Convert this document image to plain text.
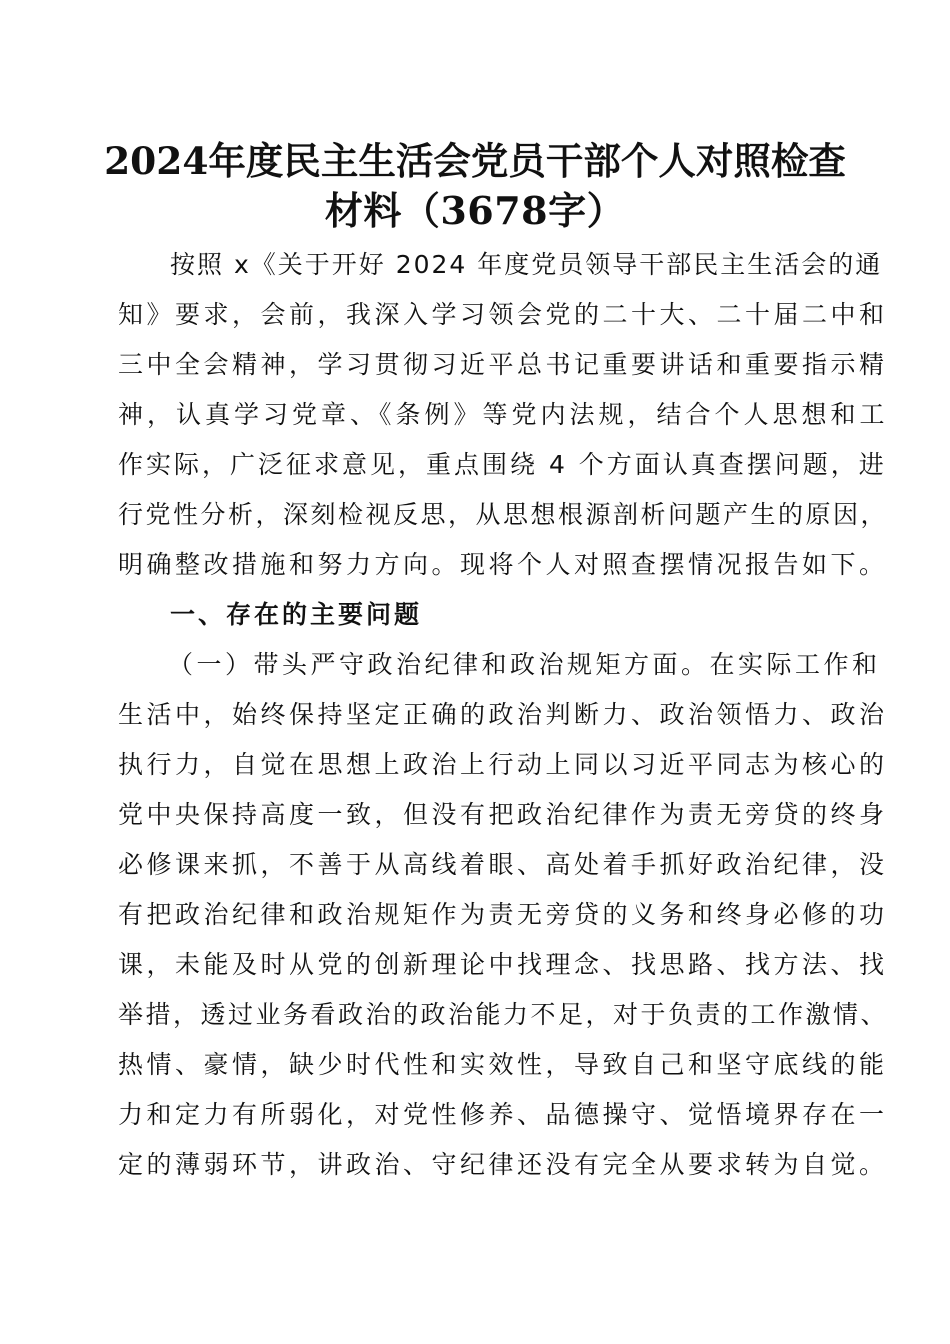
2024年度民主生活会党员干部个人对照检查
材料（3678字）
按照 x《关于开好 2024 年度党员领导干部民主生活会的通
知》要求，会前，我深入学习领会党的二十大、二十届二中和
三中全会精神，学习贯彻习近平总书记重要讲话和重要指示精
神，认真学习党章、《条例》等党内法规，结合个人思想和工
作实际，广泛征求意见，重点围绕 4 个方面认真查摆问题，进
行党性分析，深刻检视反思，从思想根源剖析问题产生的原因，
明确整改措施和努力方向。现将个人对照查摆情况报告如下。
一、存在的主要问题
（一）带头严守政治纪律和政治规矩方面。在实际工作和
生活中，始终保持坚定正确的政治判断力、政治领悟力、政治
执行力，自觉在思想上政治上行动上同以习近平同志为核心的
党中央保持高度一致，但没有把政治纪律作为责无旁贷的终身
必修课来抓，不善于从高线着眼、高处着手抓好政治纪律，没
有把政治纪律和政治规矩作为责无旁贷的义务和终身必修的功
课，未能及时从党的创新理论中找理念、找思路、找方法、找
举措，透过业务看政治的政治能力不足，对于负责的工作激情、
热情、豪情，缺少时代性和实效性，导致自己和坚守底线的能
力和定力有所弱化，对党性修养、品德操守、觉悟境界存在一
定的薄弱环节，讲政治、守纪律还没有完全从要求转为自觉。
